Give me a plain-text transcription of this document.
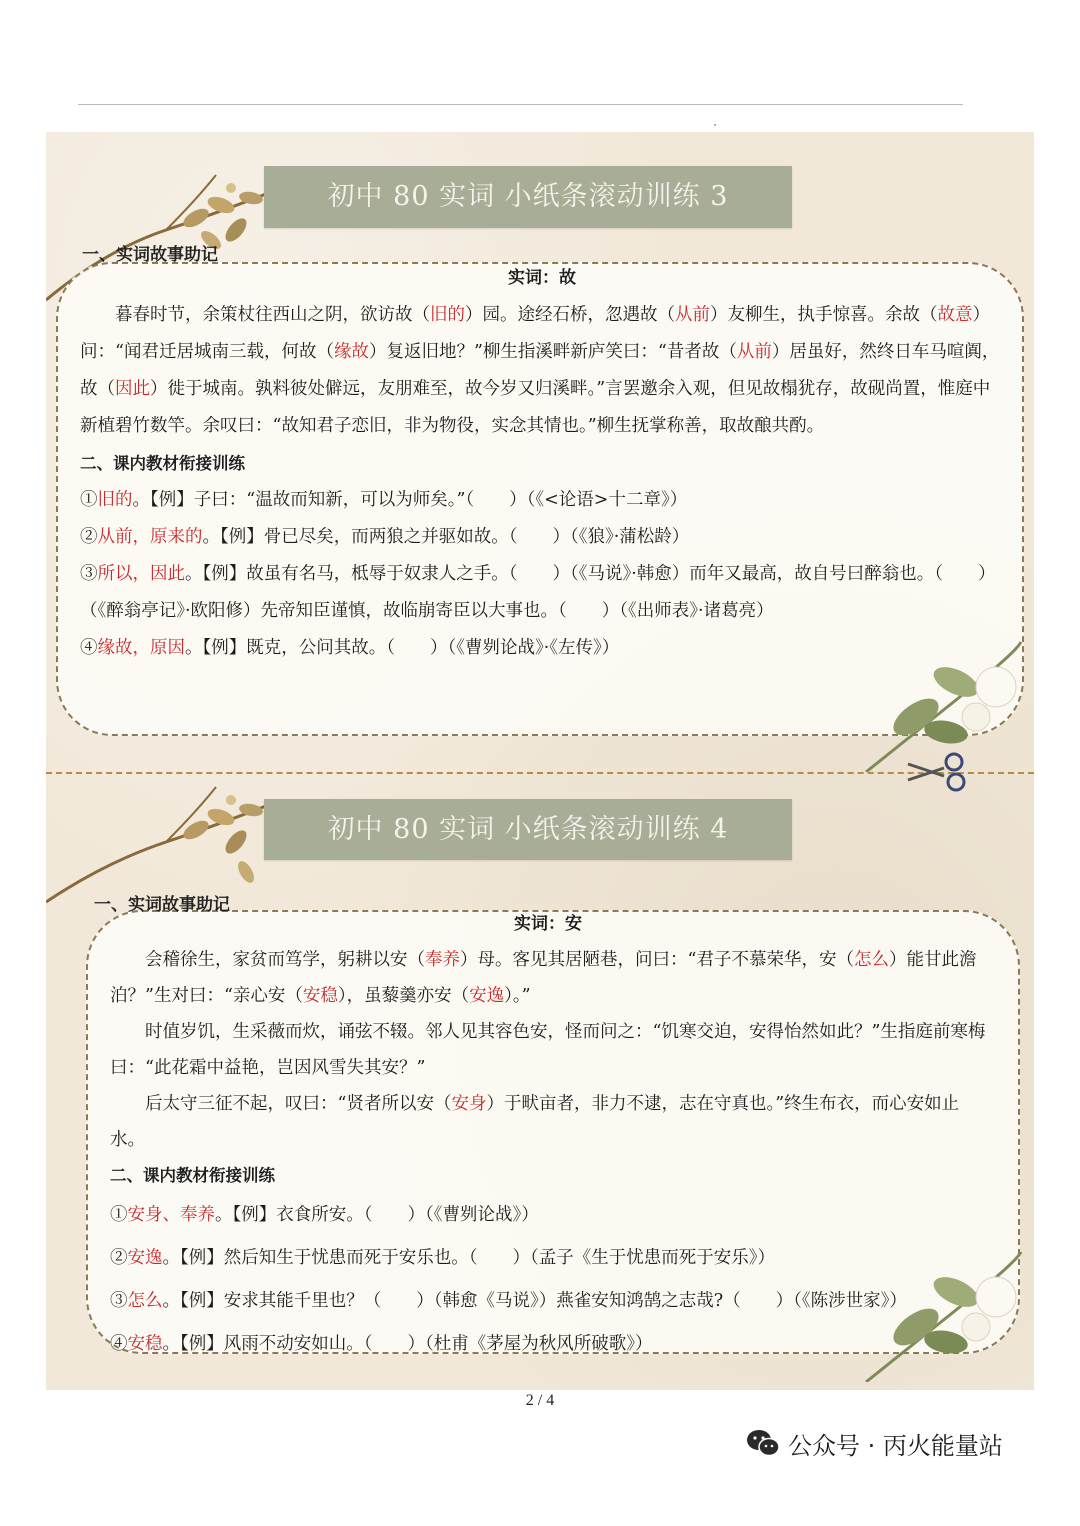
初中 80 实词 小纸条滚动训练 3
一、实词故事助记

实词：故

暮春时节，余策杖往西山之阴，欲访故（旧的）园。途经石桥，忽遇故（从前）友柳生，执手惊喜。余故（故意）问：“闻君迁居城南三载，何故（缘故）复返旧地？”柳生指溪畔新庐笑曰：“昔者故（从前）居虽好，然终日车马喧阗，故（因此）徙于城南。孰料彼处僻远，友朋难至，故今岁又归溪畔。”言罢邀余入观，但见故榻犹存，故砚尚置，惟庭中新植碧竹数竿。余叹曰：“故知君子恋旧，非为物役，实念其情也。”柳生抚掌称善，取故酿共酌。

二、课内教材衔接训练

①旧的。【例】子曰：“温故而知新，可以为师矣。”（　　）（《<论语>十二章》）

②从前，原来的。【例】骨已尽矣，而两狼之并驱如故。（　　）（《狼》·蒲松龄）

③所以，因此。【例】故虽有名马，柢辱于奴隶人之手。（　　）（《马说》·韩愈）而年又最高，故自号曰醉翁也。（　　）（《醉翁亭记》·欧阳修）先帝知臣谨慎，故临崩寄臣以大事也。（　　）（《出师表》·诸葛亮）

④缘故，原因。【例】既克，公问其故。（　　）（《曹刿论战》·《左传》）

初中 80 实词 小纸条滚动训练 4
一、实词故事助记

实词：安

会稽徐生，家贫而笃学，躬耕以安（奉养）母。客见其居陋巷，问曰：“君子不慕荣华，安（怎么）能甘此澹泊？”生对曰：“亲心安（安稳），虽藜羹亦安（安逸）。”

时值岁饥，生采薇而炊，诵弦不辍。邻人见其容色安，怪而问之：“饥寒交迫，安得怡然如此？”生指庭前寒梅曰：“此花霜中益艳，岂因风雪失其安？”

后太守三征不起，叹曰：“贤者所以安（安身）于畎亩者，非力不逮，志在守真也。”终生布衣，而心安如止水。

二、课内教材衔接训练

①安身、奉养。【例】衣食所安。（　　）（《曹刿论战》）

②安逸。【例】然后知生于忧患而死于安乐也。（　　）（孟子《生于忧患而死于安乐》）

③怎么。【例】安求其能千里也？（　　）（韩愈《马说》）燕雀安知鸿鹄之志哉?（　　）（《陈涉世家》）

④安稳。【例】风雨不动安如山。（　　）（杜甫《茅屋为秋风所破歌》）

2 / 4
公众号 · 丙火能量站
